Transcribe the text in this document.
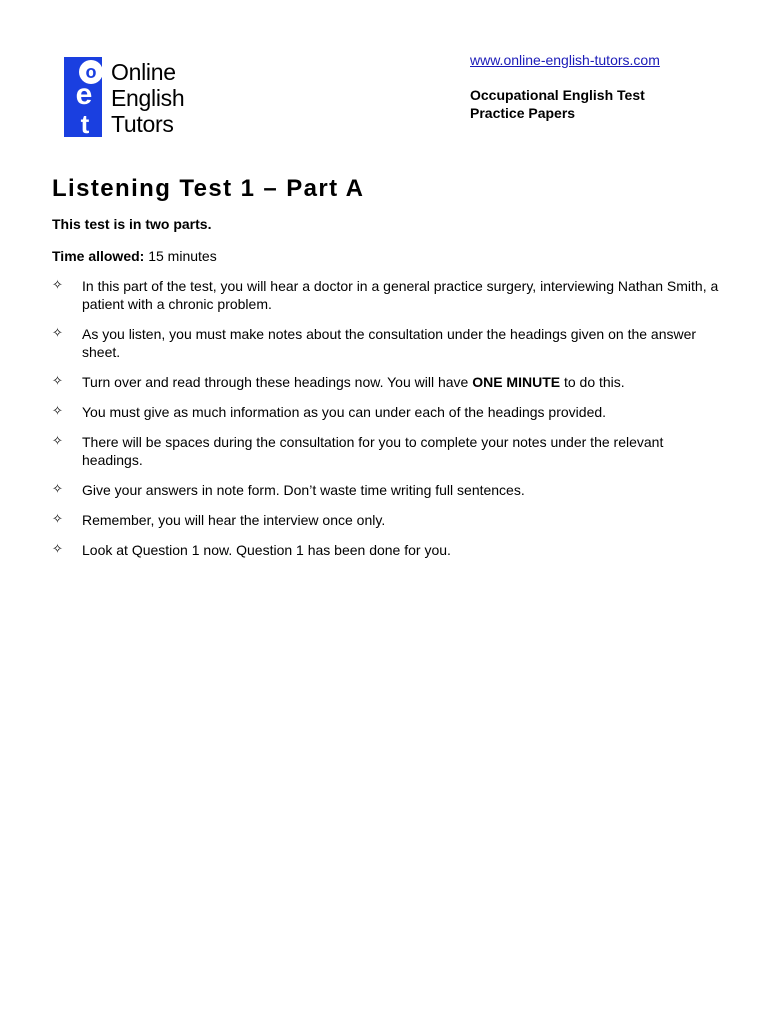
e
t
o Online
English
Tutors
www.online-english-tutors.com
Occupational English Test
Practice Papers
Listening Test 1 – Part A
This test is in two parts.
Time allowed: 15 minutes
✧ In this part of the test, you will hear a doctor in a general practice surgery, interviewing Nathan Smith, a patient with a chronic problem.
✧ As you listen, you must make notes about the consultation under the headings given on the answer sheet.
✧ Turn over and read through these headings now. You will have ONE MINUTE to do this.
✧ You must give as much information as you can under each of the headings provided.
✧ There will be spaces during the consultation for you to complete your notes under the relevant headings.
✧ Give your answers in note form. Don’t waste time writing full sentences.
✧ Remember, you will hear the interview once only.
✧ Look at Question 1 now. Question 1 has been done for you.
